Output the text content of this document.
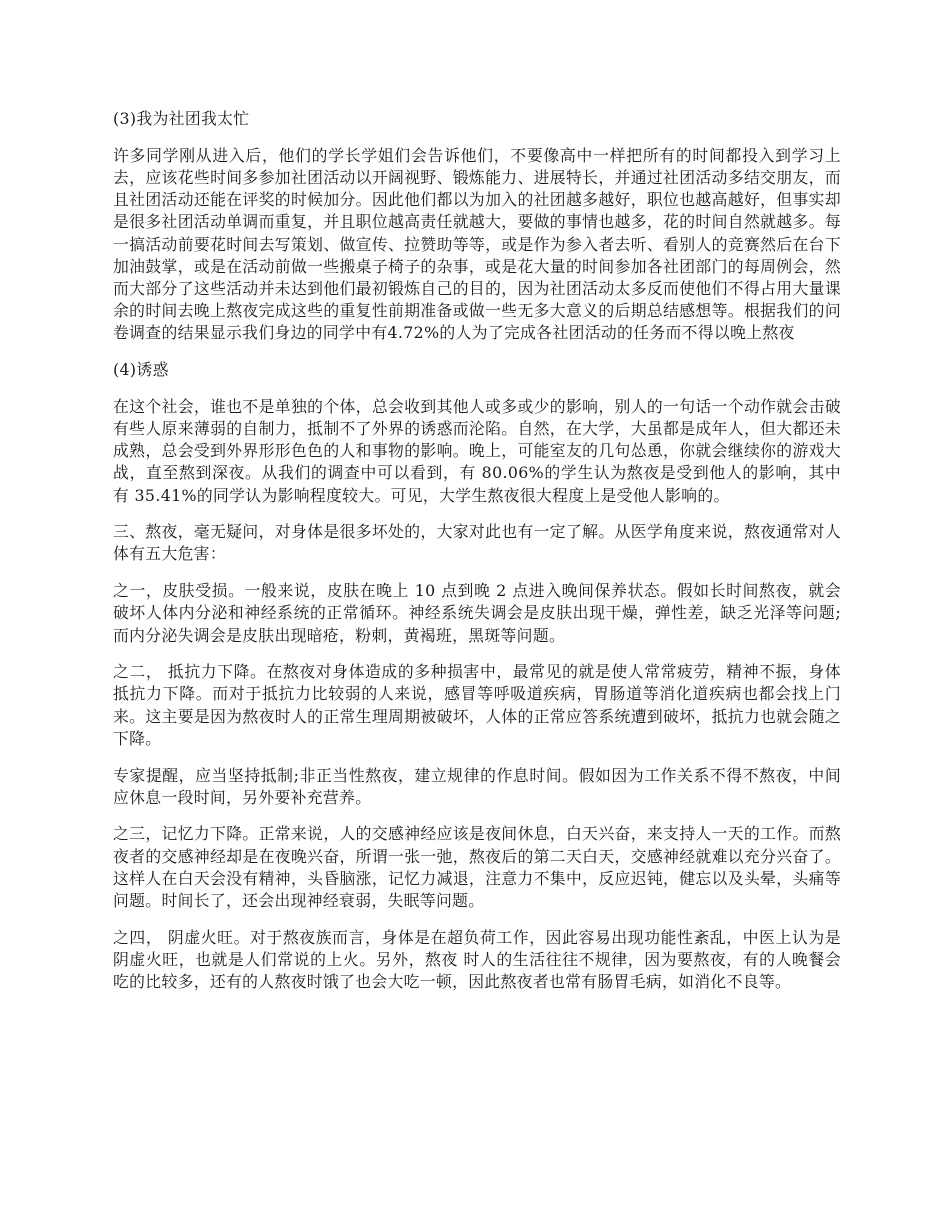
(3)我为社团我太忙

许多同学刚从进入后，他们的学长学姐们会告诉他们，不要像高中一样把所有的时间都投入到学习上去，应该花些时间多参加社团活动以开阔视野、锻炼能力、进展特长，并通过社团活动多结交朋友，而且社团活动还能在评奖的时候加分。因此他们都以为加入的社团越多越好，职位也越高越好，但事实却是很多社团活动单调而重复，并且职位越高责任就越大，要做的事情也越多，花的时间自然就越多。每一搞活动前要花时间去写策划、做宣传、拉赞助等等，或是作为参入者去听、看别人的竞赛然后在台下加油鼓掌，或是在活动前做一些搬桌子椅子的杂事，或是花大量的时间参加各社团部门的每周例会，然而大部分了这些活动并未达到他们最初锻炼自己的目的，因为社团活动太多反而使他们不得占用大量课余的时间去晚上熬夜完成这些的重复性前期准备或做一些无多大意义的后期总结感想等。根据我们的问卷调查的结果显示我们身边的同学中有4.72%的人为了完成各社团活动的任务而不得以晚上熬夜

(4)诱惑

在这个社会，谁也不是单独的个体，总会收到其他人或多或少的影响，别人的一句话一个动作就会击破有些人原来薄弱的自制力，抵制不了外界的诱惑而沦陷。自然，在大学，大虽都是成年人，但大都还未成熟，总会受到外界形形色色的人和事物的影响。晚上，可能室友的几句怂恿，你就会继续你的游戏大战，直至熬到深夜。从我们的调查中可以看到，有 80.06%的学生认为熬夜是受到他人的影响，其中有 35.41%的同学认为影响程度较大。可见，大学生熬夜很大程度上是受他人影响的。

三、熬夜，毫无疑问，对身体是很多坏处的，大家对此也有一定了解。从医学角度来说，熬夜通常对人体有五大危害：

之一，皮肤受损。一般来说，皮肤在晚上 10 点到晚 2 点进入晚间保养状态。假如长时间熬夜，就会破坏人体内分泌和神经系统的正常循环。神经系统失调会是皮肤出现干燥，弹性差，缺乏光泽等问题;而内分泌失调会是皮肤出现暗疮，粉刺，黄褐班，黑斑等问题。

之二， 抵抗力下降。在熬夜对身体造成的多种损害中，最常见的就是使人常常疲劳，精神不振，身体抵抗力下降。而对于抵抗力比较弱的人来说，感冒等呼吸道疾病，胃肠道等消化道疾病也都会找上门来。这主要是因为熬夜时人的正常生理周期被破坏，人体的正常应答系统遭到破坏，抵抗力也就会随之下降。

专家提醒，应当坚持抵制;非正当性熬夜，建立规律的作息时间。假如因为工作关系不得不熬夜，中间应休息一段时间，另外要补充营养。

之三，记忆力下降。正常来说，人的交感神经应该是夜间休息，白天兴奋，来支持人一天的工作。而熬夜者的交感神经却是在夜晚兴奋，所谓一张一弛，熬夜后的第二天白天，交感神经就难以充分兴奋了。这样人在白天会没有精神，头昏脑涨，记忆力减退，注意力不集中，反应迟钝，健忘以及头晕，头痛等问题。时间长了，还会出现神经衰弱，失眠等问题。

之四， 阴虚火旺。对于熬夜族而言，身体是在超负荷工作，因此容易出现功能性紊乱，中医上认为是阴虚火旺，也就是人们常说的上火。另外，熬夜 时人的生活往往不规律，因为要熬夜，有的人晚餐会吃的比较多，还有的人熬夜时饿了也会大吃一顿，因此熬夜者也常有肠胃毛病，如消化不良等。
